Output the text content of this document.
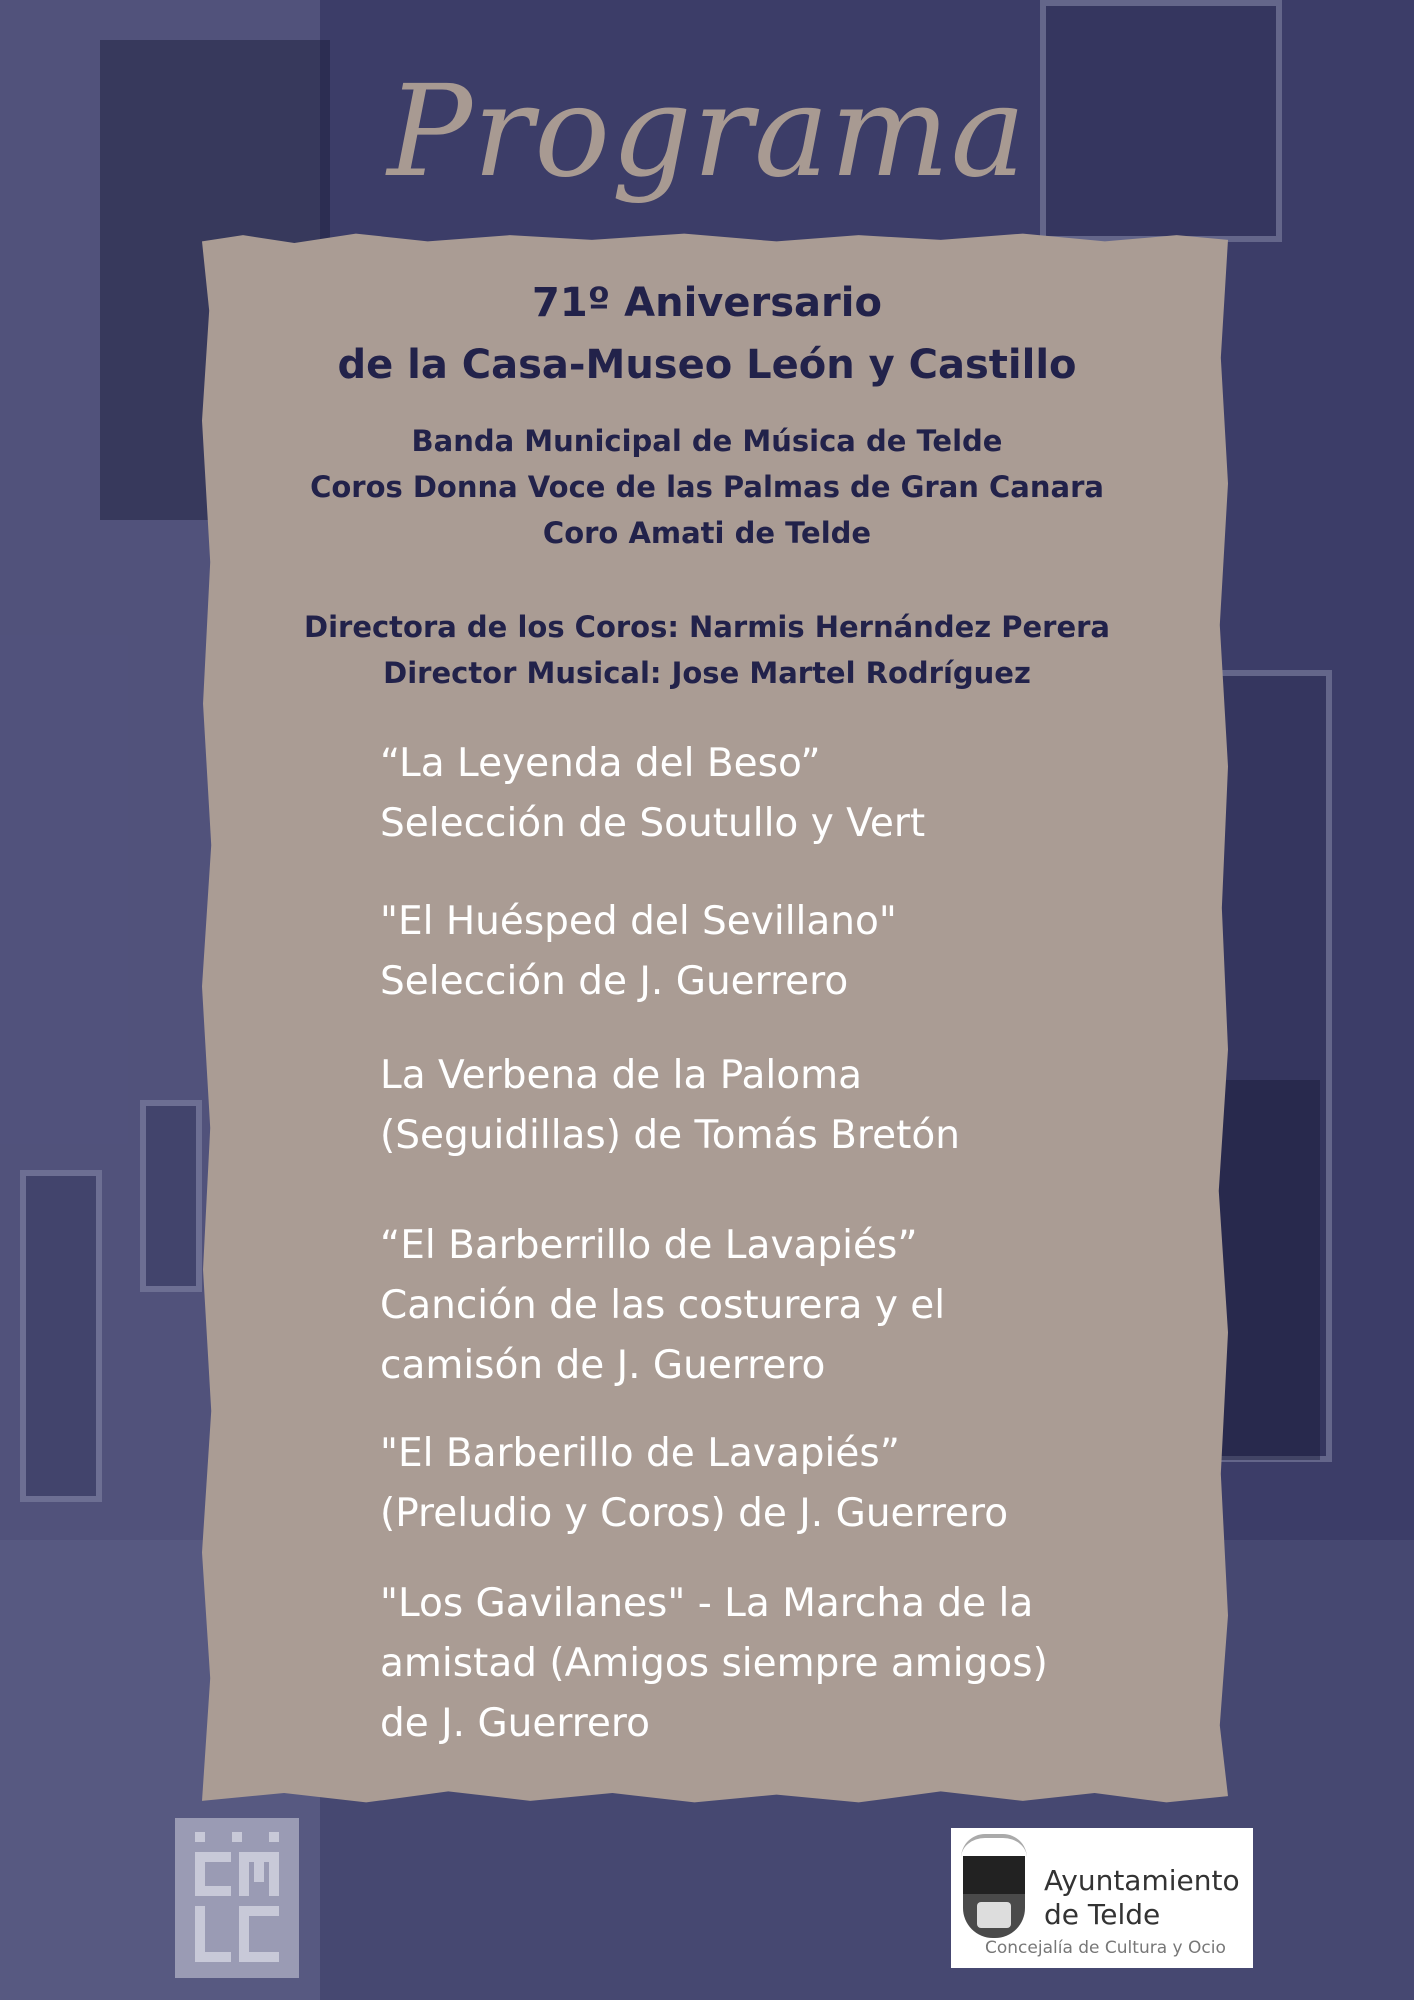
Programa
71º Aniversario
de la Casa-Museo León y Castillo
Banda Municipal de Música de Telde
Coros Donna Voce de las Palmas de Gran Canara
Coro Amati de Telde
Directora de los Coros: Narmis Hernández Perera
Director Musical: Jose Martel Rodríguez
“La Leyenda del Beso”
Selección de Soutullo y Vert
"El Huésped del Sevillano"
Selección de J. Guerrero
La Verbena de la Paloma
(Seguidillas) de Tomás Bretón
“El Barberrillo de Lavapiés”
Canción de las costurera y el
camisón de J. Guerrero
"El Barberillo de Lavapiés”
(Preludio y Coros) de J. Guerrero
"Los Gavilanes" - La Marcha de la
amistad (Amigos siempre amigos)
de J. Guerrero
Ayuntamiento
de Telde
Concejalía de Cultura y Ocio
